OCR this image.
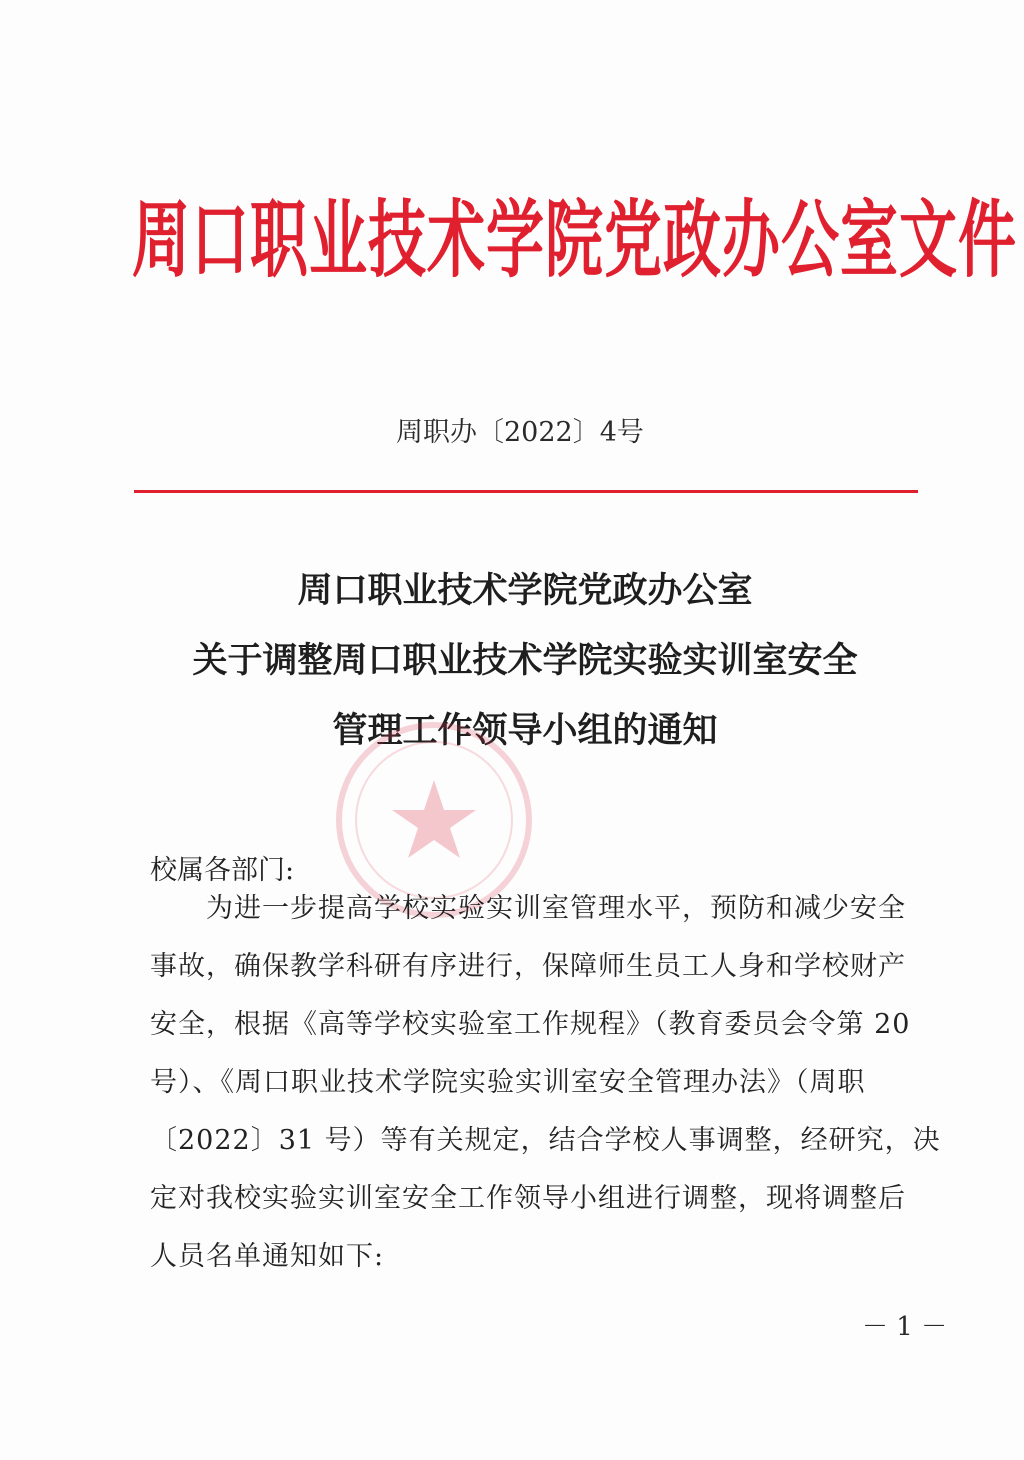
周口职业技术学院党政办公室文件
周职办〔2022〕4号
周口职业技术学院党政办公室
关于调整周口职业技术学院实验实训室安全
管理工作领导小组的通知
校属各部门:
为进一步提高学校实验实训室管理水平，预防和减少安全
事故，确保教学科研有序进行，保障师生员工人身和学校财产
安全，根据《高等学校实验室工作规程》（教育委员会令第 20
号）、《周口职业技术学院实验实训室安全管理办法》（周职
〔2022〕31 号）等有关规定，结合学校人事调整，经研究，决
定对我校实验实训室安全工作领导小组进行调整，现将调整后
人员名单通知如下:
－ 1 －
